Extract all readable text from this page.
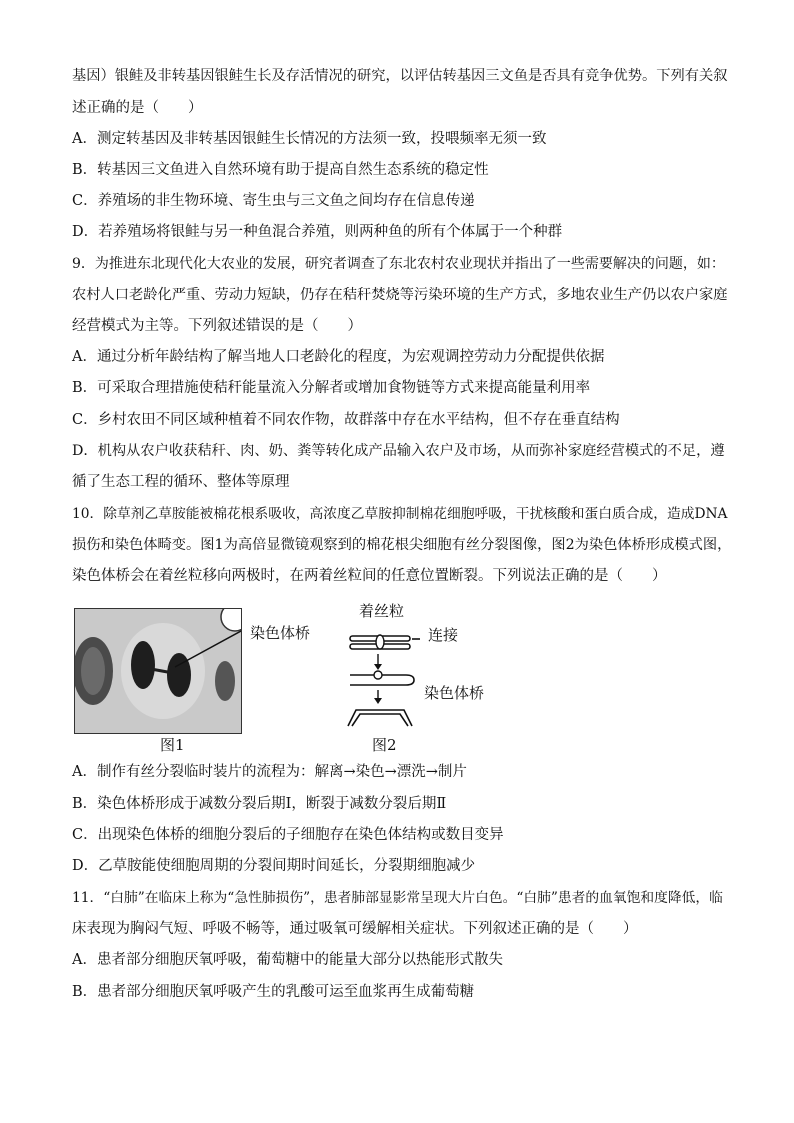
基因）银鲑及非转基因银鲑生长及存活情况的研究，以评估转基因三文鱼是否具有竞争优势。下列有关叙
述正确的是（　　）
A．测定转基因及非转基因银鲑生长情况的方法须一致，投喂频率无须一致
B．转基因三文鱼进入自然环境有助于提高自然生态系统的稳定性
C．养殖场的非生物环境、寄生虫与三文鱼之间均存在信息传递
D．若养殖场将银鲑与另一种鱼混合养殖，则两种鱼的所有个体属于一个种群
9．为推进东北现代化大农业的发展，研究者调查了东北农村农业现状并指出了一些需要解决的问题，如：
农村人口老龄化严重、劳动力短缺，仍存在秸秆焚烧等污染环境的生产方式，多地农业生产仍以农户家庭
经营模式为主等。下列叙述错误的是（　　）
A．通过分析年龄结构了解当地人口老龄化的程度，为宏观调控劳动力分配提供依据
B．可采取合理措施使秸秆能量流入分解者或增加食物链等方式来提高能量利用率
C．乡村农田不同区域种植着不同农作物，故群落中存在水平结构，但不存在垂直结构
D．机构从农户收获秸秆、肉、奶、粪等转化成产品输入农户及市场，从而弥补家庭经营模式的不足，遵
循了生态工程的循环、整体等原理
10．除草剂乙草胺能被棉花根系吸收，高浓度乙草胺抑制棉花细胞呼吸，干扰核酸和蛋白质合成，造成DNA
损伤和染色体畸变。图1为高倍显微镜观察到的棉花根尖细胞有丝分裂图像，图2为染色体桥形成模式图，
染色体桥会在着丝粒移向两极时，在两着丝粒间的任意位置断裂。下列说法正确的是（　　）
染色体桥
图1
着丝粒
连接
染色体桥
图2
A．制作有丝分裂临时装片的流程为：解离→染色→漂洗→制片
B．染色体桥形成于减数分裂后期Ⅰ，断裂于减数分裂后期Ⅱ
C．出现染色体桥的细胞分裂后的子细胞存在染色体结构或数目变异
D．乙草胺能使细胞周期的分裂间期时间延长，分裂期细胞减少
11．“白肺”在临床上称为“急性肺损伤”，患者肺部显影常呈现大片白色。“白肺”患者的血氧饱和度降低，临
床表现为胸闷气短、呼吸不畅等，通过吸氧可缓解相关症状。下列叙述正确的是（　　）
A．患者部分细胞厌氧呼吸，葡萄糖中的能量大部分以热能形式散失
B．患者部分细胞厌氧呼吸产生的乳酸可运至血浆再生成葡萄糖
